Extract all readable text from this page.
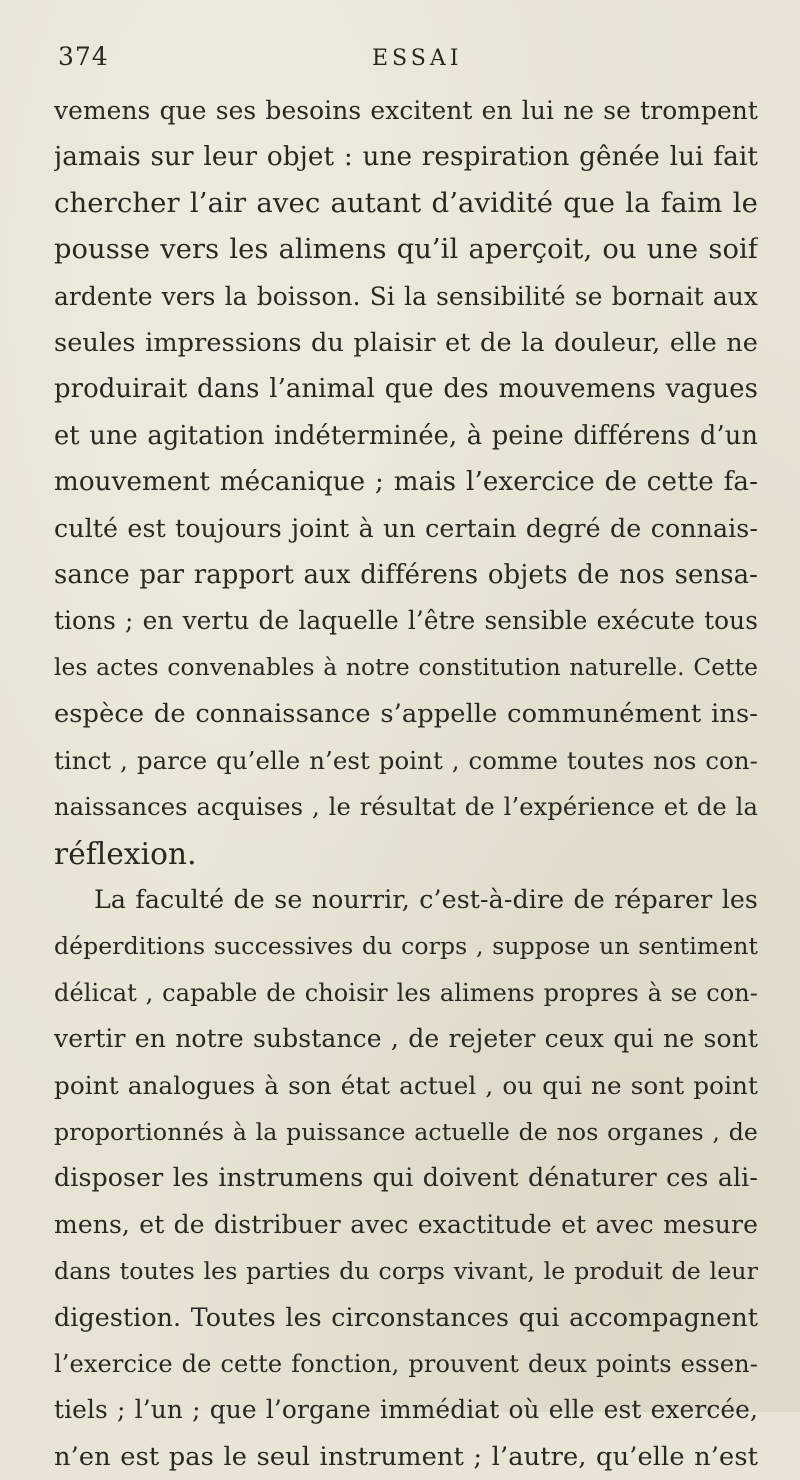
374	ESSAI
vemens que ses besoins excitent en lui ne se trompent
jamais sur leur objet : une respiration gênée lui fait
chercher l’air avec autant d’avidité que la faim le
pousse vers les alimens qu’il aperçoit, ou une soif
ardente vers la boisson. Si la sensibilité se bornait aux
seules impressions du plaisir et de la douleur, elle ne
produirait dans l’animal que des mouvemens vagues
et une agitation indéterminée, à peine différens d’un
mouvement mécanique ; mais l’exercice de cette fa-
culté est toujours joint à un certain degré de connais-
sance par rapport aux différens objets de nos sensa-
tions ; en vertu de laquelle l’être sensible exécute tous
les actes convenables à notre constitution naturelle. Cette
espèce de connaissance s’appelle communément ins-
tinct , parce qu’elle n’est point , comme toutes nos con-
naissances acquises , le résultat de l’expérience et de la
réflexion.
La faculté de se nourrir, c’est-à-dire de réparer les
déperditions successives du corps , suppose un sentiment
délicat , capable de choisir les alimens propres à se con-
vertir en notre substance , de rejeter ceux qui ne sont
point analogues à son état actuel , ou qui ne sont point
proportionnés à la puissance actuelle de nos organes , de
disposer les instrumens qui doivent dénaturer ces ali-
mens, et de distribuer avec exactitude et avec mesure
dans toutes les parties du corps vivant, le produit de leur
digestion. Toutes les circonstances qui accompagnent
l’exercice de cette fonction, prouvent deux points essen-
tiels ; l’un ; que l’organe immédiat où elle est exercée,
n’en est pas le seul instrument ; l’autre, qu’elle n’est
